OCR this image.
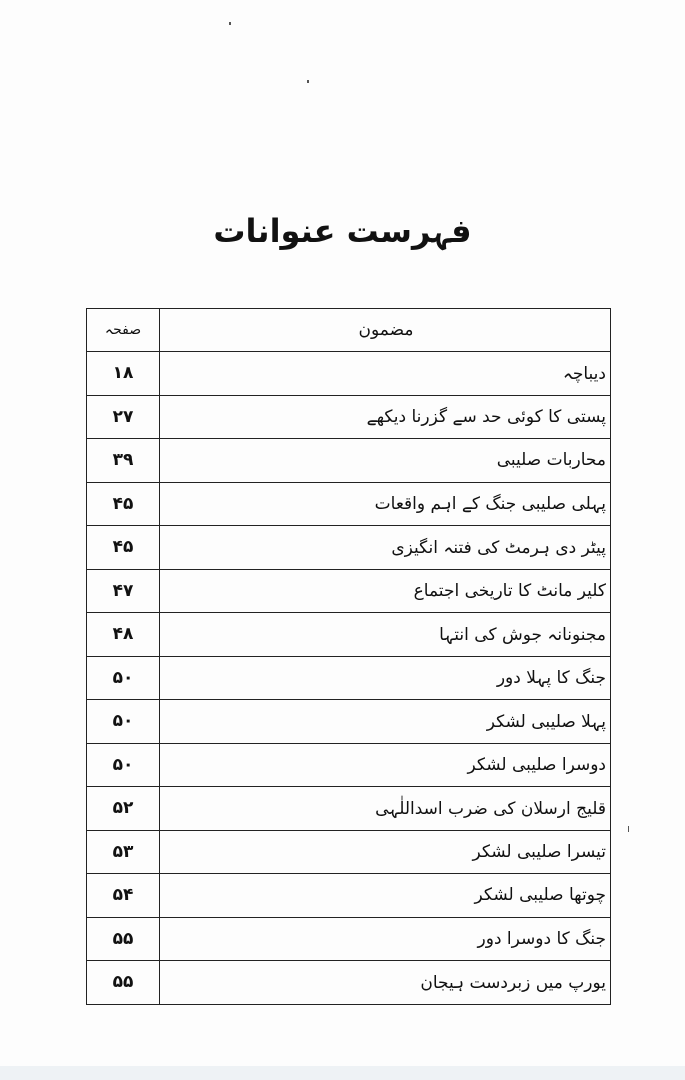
فہرست عنوانات
مضمون	صفحہ
دیباچہ	۱۸
پستی کا کوئی حد سے گزرنا دیکھے	۲۷
محاربات صلیبی	۳۹
پہلی صلیبی جنگ کے اہم واقعات	۴۵
پیٹر دی ہرمٹ کی فتنہ انگیزی	۴۵
کلیر مانٹ کا تاریخی اجتماع	۴۷
مجنونانہ جوش کی انتہا	۴۸
جنگ کا پہلا دور	۵۰
پہلا صلیبی لشکر	۵۰
دوسرا صلیبی لشکر	۵۰
قلیج ارسلان کی ضرب اسداللٰہی	۵۲
تیسرا صلیبی لشکر	۵۳
چوتھا صلیبی لشکر	۵۴
جنگ کا دوسرا دور	۵۵
یورپ میں زبردست ہیجان	۵۵
